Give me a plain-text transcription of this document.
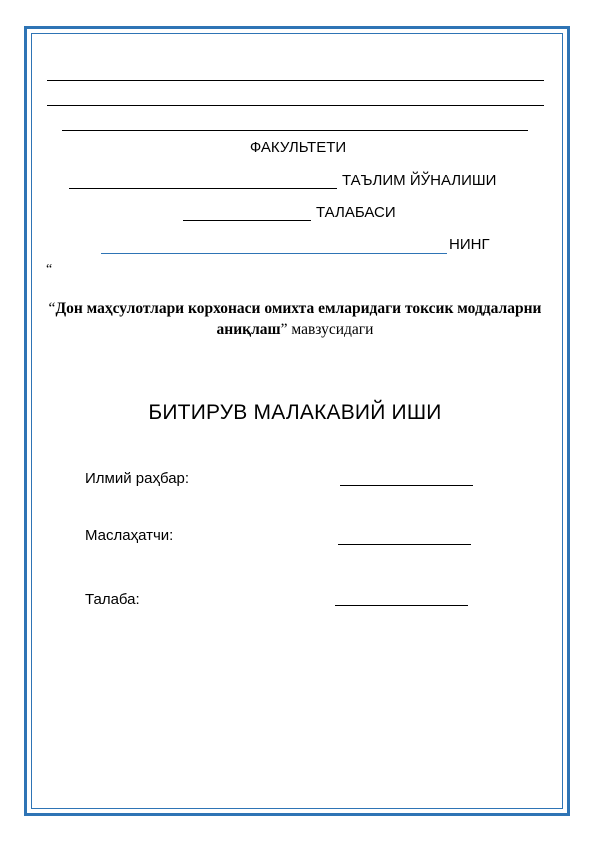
ФАКУЛЬТЕТИ
ТАЪЛИМ ЙЎНАЛИШИ
ТАЛАБАСИ
НИНГ
“
“Дон маҳсулотлари корхонаси омихта емларидаги токсик моддаларни аниқлаш” мавзусидаги
БИТИРУВ МАЛАКАВИЙ ИШИ
Илмий раҳбар:
Маслаҳатчи:
Талаба:
